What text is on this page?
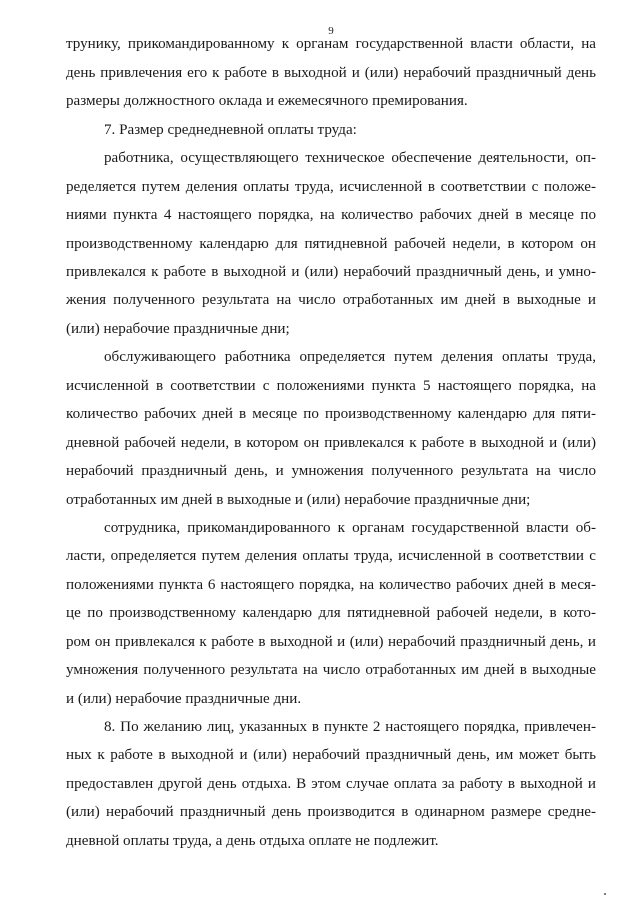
9
трунику, прикомандированному к органам государственной власти области, на
день привлечения его к работе в выходной и (или) нерабочий праздничный день
размеры должностного оклада и ежемесячного премирования.
7. Размер среднедневной оплаты труда:
работника, осуществляющего техническое обеспечение деятельности, оп-
ределяется путем деления оплаты труда, исчисленной в соответствии с положе-
ниями пункта 4 настоящего порядка, на количество рабочих дней в месяце по
производственному календарю для пятидневной рабочей недели, в котором он
привлекался к работе в выходной и (или) нерабочий праздничный день, и умно-
жения полученного результата на число отработанных им дней в выходные и
(или) нерабочие праздничные дни;
обслуживающего работника определяется путем деления оплаты труда,
исчисленной в соответствии с положениями пункта 5 настоящего порядка, на
количество рабочих дней в месяце по производственному календарю для пяти-
дневной рабочей недели, в котором он привлекался к работе в выходной и (или)
нерабочий праздничный день, и умножения полученного результата на число
отработанных им дней в выходные и (или) нерабочие праздничные дни;
сотрудника, прикомандированного к органам государственной власти об-
ласти, определяется путем деления оплаты труда, исчисленной в соответствии с
положениями пункта 6 настоящего порядка, на количество рабочих дней в меся-
це по производственному календарю для пятидневной рабочей недели, в кото-
ром он привлекался к работе в выходной и (или) нерабочий праздничный день, и
умножения полученного результата на число отработанных им дней в выходные
и (или) нерабочие праздничные дни.
8. По желанию лиц, указанных в пункте 2 настоящего порядка, привлечен-
ных к работе в выходной и (или) нерабочий праздничный день, им может быть
предоставлен другой день отдыха. В этом случае оплата за работу в выходной и
(или) нерабочий праздничный день производится в одинарном размере средне-
дневной оплаты труда, а день отдыха оплате не подлежит.
